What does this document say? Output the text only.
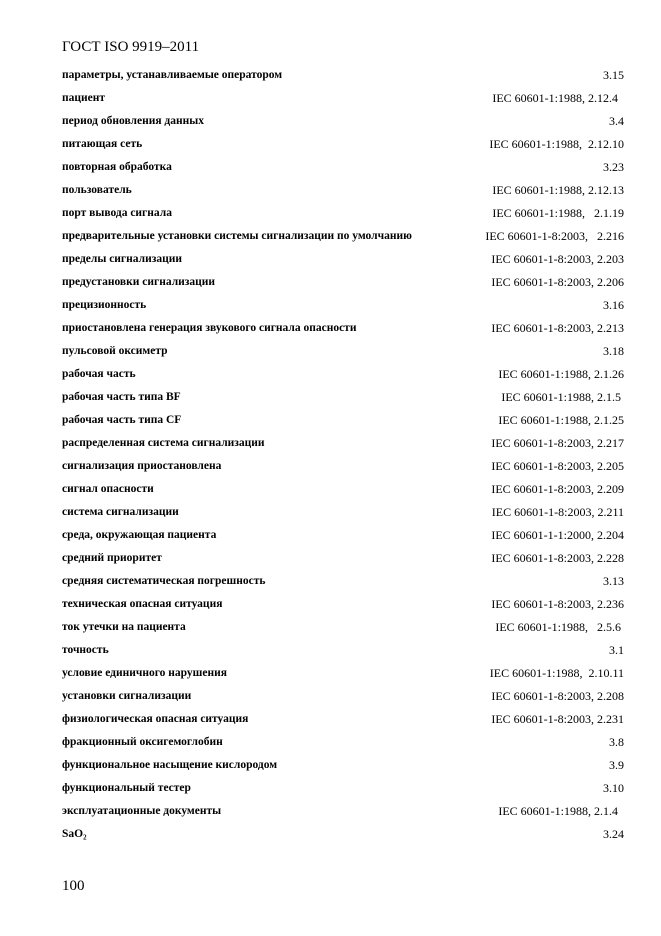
ГОСТ ISO 9919–2011
параметры, устанавливаемые оператором	3.15
пациент	IEC 60601-1:1988, 2.12.4
период обновления данных	3.4
питающая сеть	IEC 60601-1:1988,  2.12.10
повторная обработка	3.23
пользователь	IEC 60601-1:1988, 2.12.13
порт вывода сигнала	IEC 60601-1:1988,   2.1.19
предварительные установки системы сигнализации по умолчанию	IEC 60601-1-8:2003,   2.216
пределы сигнализации	IEC 60601-1-8:2003, 2.203
предустановки сигнализации	IEC 60601-1-8:2003, 2.206
прецизионность	3.16
приостановлена генерация звукового сигнала опасности	IEC 60601-1-8:2003, 2.213
пульсовой оксиметр	3.18
рабочая часть	IEC 60601-1:1988, 2.1.26
рабочая часть типа BF	IEC 60601-1:1988, 2.1.5
рабочая часть типа CF	IEC 60601-1:1988, 2.1.25
распределенная система сигнализации	IEC 60601-1-8:2003, 2.217
сигнализация приостановлена	IEC 60601-1-8:2003, 2.205
сигнал опасности	IEC 60601-1-8:2003, 2.209
система сигнализации	IEC 60601-1-8:2003, 2.211
среда, окружающая пациента	IEC 60601-1-1:2000, 2.204
средний приоритет	IEC 60601-1-8:2003, 2.228
средняя систематическая погрешность	3.13
техническая опасная ситуация	IEC 60601-1-8:2003, 2.236
ток утечки на пациента	IEC 60601-1:1988,   2.5.6
точность	3.1
условие единичного нарушения	IEC 60601-1:1988,  2.10.11
установки сигнализации	IEC 60601-1-8:2003, 2.208
физиологическая опасная ситуация	IEC 60601-1-8:2003, 2.231
фракционный оксигемоглобин	3.8
функциональное насыщение кислородом	3.9
функциональный тестер	3.10
эксплуатационные документы	IEC 60601-1:1988, 2.1.4
SaO₂	3.24
100
